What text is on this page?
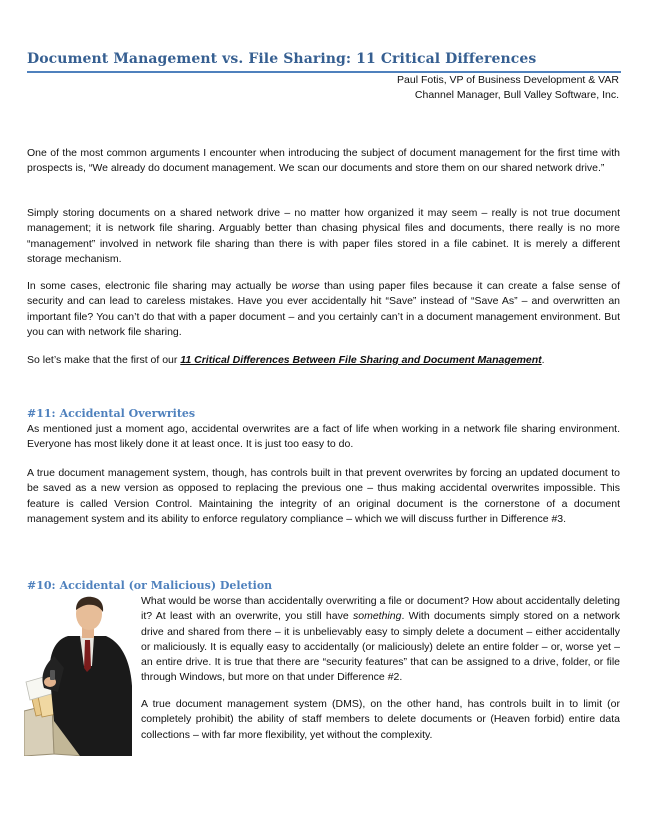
Document Management vs. File Sharing: 11 Critical Differences
Paul Fotis, VP of Business Development & VAR
Channel Manager, Bull Valley Software, Inc.

One of the most common arguments I encounter when introducing the subject of document management for the first time with prospects is, “We already do document management. We scan our documents and store them on our shared network drive.”

Simply storing documents on a shared network drive – no matter how organized it may seem – really is not true document management; it is network file sharing. Arguably better than chasing physical files and documents, there really is no more “management” involved in network file sharing than there is with paper files stored in a file cabinet. It is merely a different storage mechanism.

In some cases, electronic file sharing may actually be worse than using paper files because it can create a false sense of security and can lead to careless mistakes. Have you ever accidentally hit “Save” instead of “Save As” – and overwritten an important file? You can’t do that with a paper document – and you certainly can’t in a document management environment. But you can with network file sharing.

So let’s make that the first of our 11 Critical Differences Between File Sharing and Document Management.

#11: Accidental Overwrites

As mentioned just a moment ago, accidental overwrites are a fact of life when working in a network file sharing environment. Everyone has most likely done it at least once. It is just too easy to do.

A true document management system, though, has controls built in that prevent overwrites by forcing an updated document to be saved as a new version as opposed to replacing the previous one – thus making accidental overwrites impossible. This feature is called Version Control. Maintaining the integrity of an original document is the cornerstone of a document management system and its ability to enforce regulatory compliance – which we will discuss further in Difference #3.

#10: Accidental (or Malicious) Deletion

What would be worse than accidentally overwriting a file or document? How about accidentally deleting it? At least with an overwrite, you still have something. With documents simply stored on a network drive and shared from there – it is unbelievably easy to simply delete a document – either accidentally or maliciously. It is equally easy to accidentally (or maliciously) delete an entire folder – or, worse yet – an entire drive. It is true that there are “security features” that can be assigned to a drive, folder, or file through Windows, but more on that under Difference #2.

A true document management system (DMS), on the other hand, has controls built in to limit (or completely prohibit) the ability of staff members to delete documents or (Heaven forbid) entire data collections – with far more flexibility, yet without the complexity.
